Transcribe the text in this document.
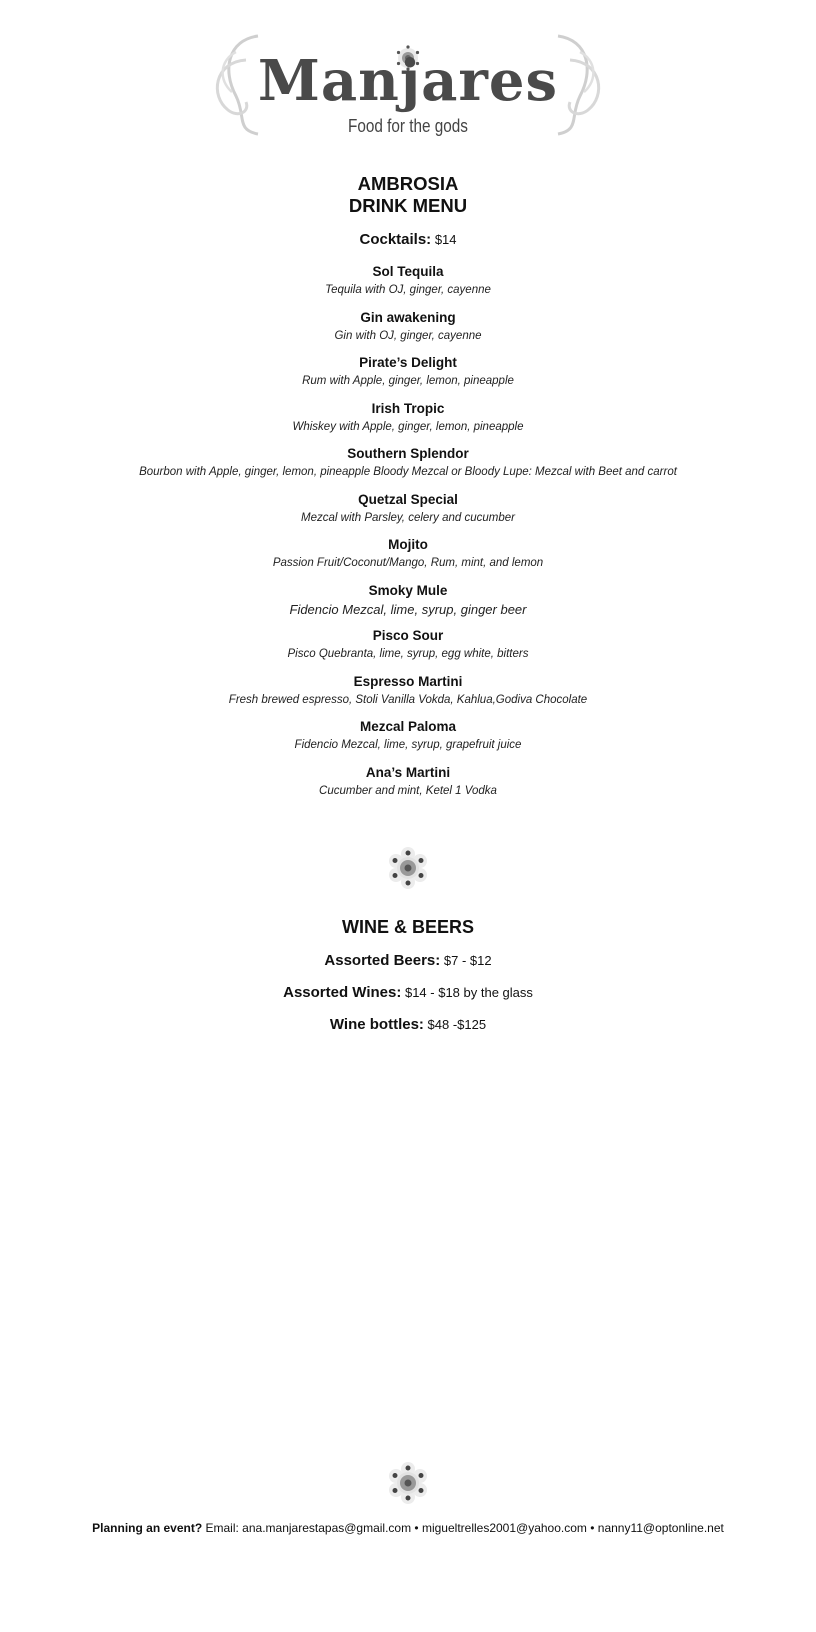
Manjares
Food for the gods
AMBROSIA
DRINK MENU
Cocktails: $14
Sol Tequila
Tequila with OJ, ginger, cayenne
Gin awakening
Gin with OJ, ginger, cayenne
Pirate’s Delight
Rum with Apple, ginger, lemon, pineapple
Irish Tropic
Whiskey with Apple, ginger, lemon, pineapple
Southern Splendor
Bourbon with Apple, ginger, lemon, pineapple Bloody Mezcal or Bloody Lupe: Mezcal with Beet and carrot
Quetzal Special
Mezcal with Parsley, celery and cucumber
Mojito
Passion Fruit/Coconut/Mango, Rum, mint, and lemon
Smoky Mule
Fidencio Mezcal, lime, syrup, ginger beer
Pisco Sour
Pisco Quebranta, lime, syrup, egg white, bitters
Espresso Martini
Fresh brewed espresso, Stoli Vanilla Vokda, Kahlua,Godiva Chocolate
Mezcal Paloma
Fidencio Mezcal, lime, syrup, grapefruit juice
Ana’s Martini
Cucumber and mint, Ketel 1 Vodka
WINE & BEERS
Assorted Beers: $7 - $12
Assorted Wines: $14 - $18 by the glass
Wine bottles: $48 -$125
Planning an event? Email: ana.manjarestapas@gmail.com • migueltrelles2001@yahoo.com • nanny11@optonline.net
